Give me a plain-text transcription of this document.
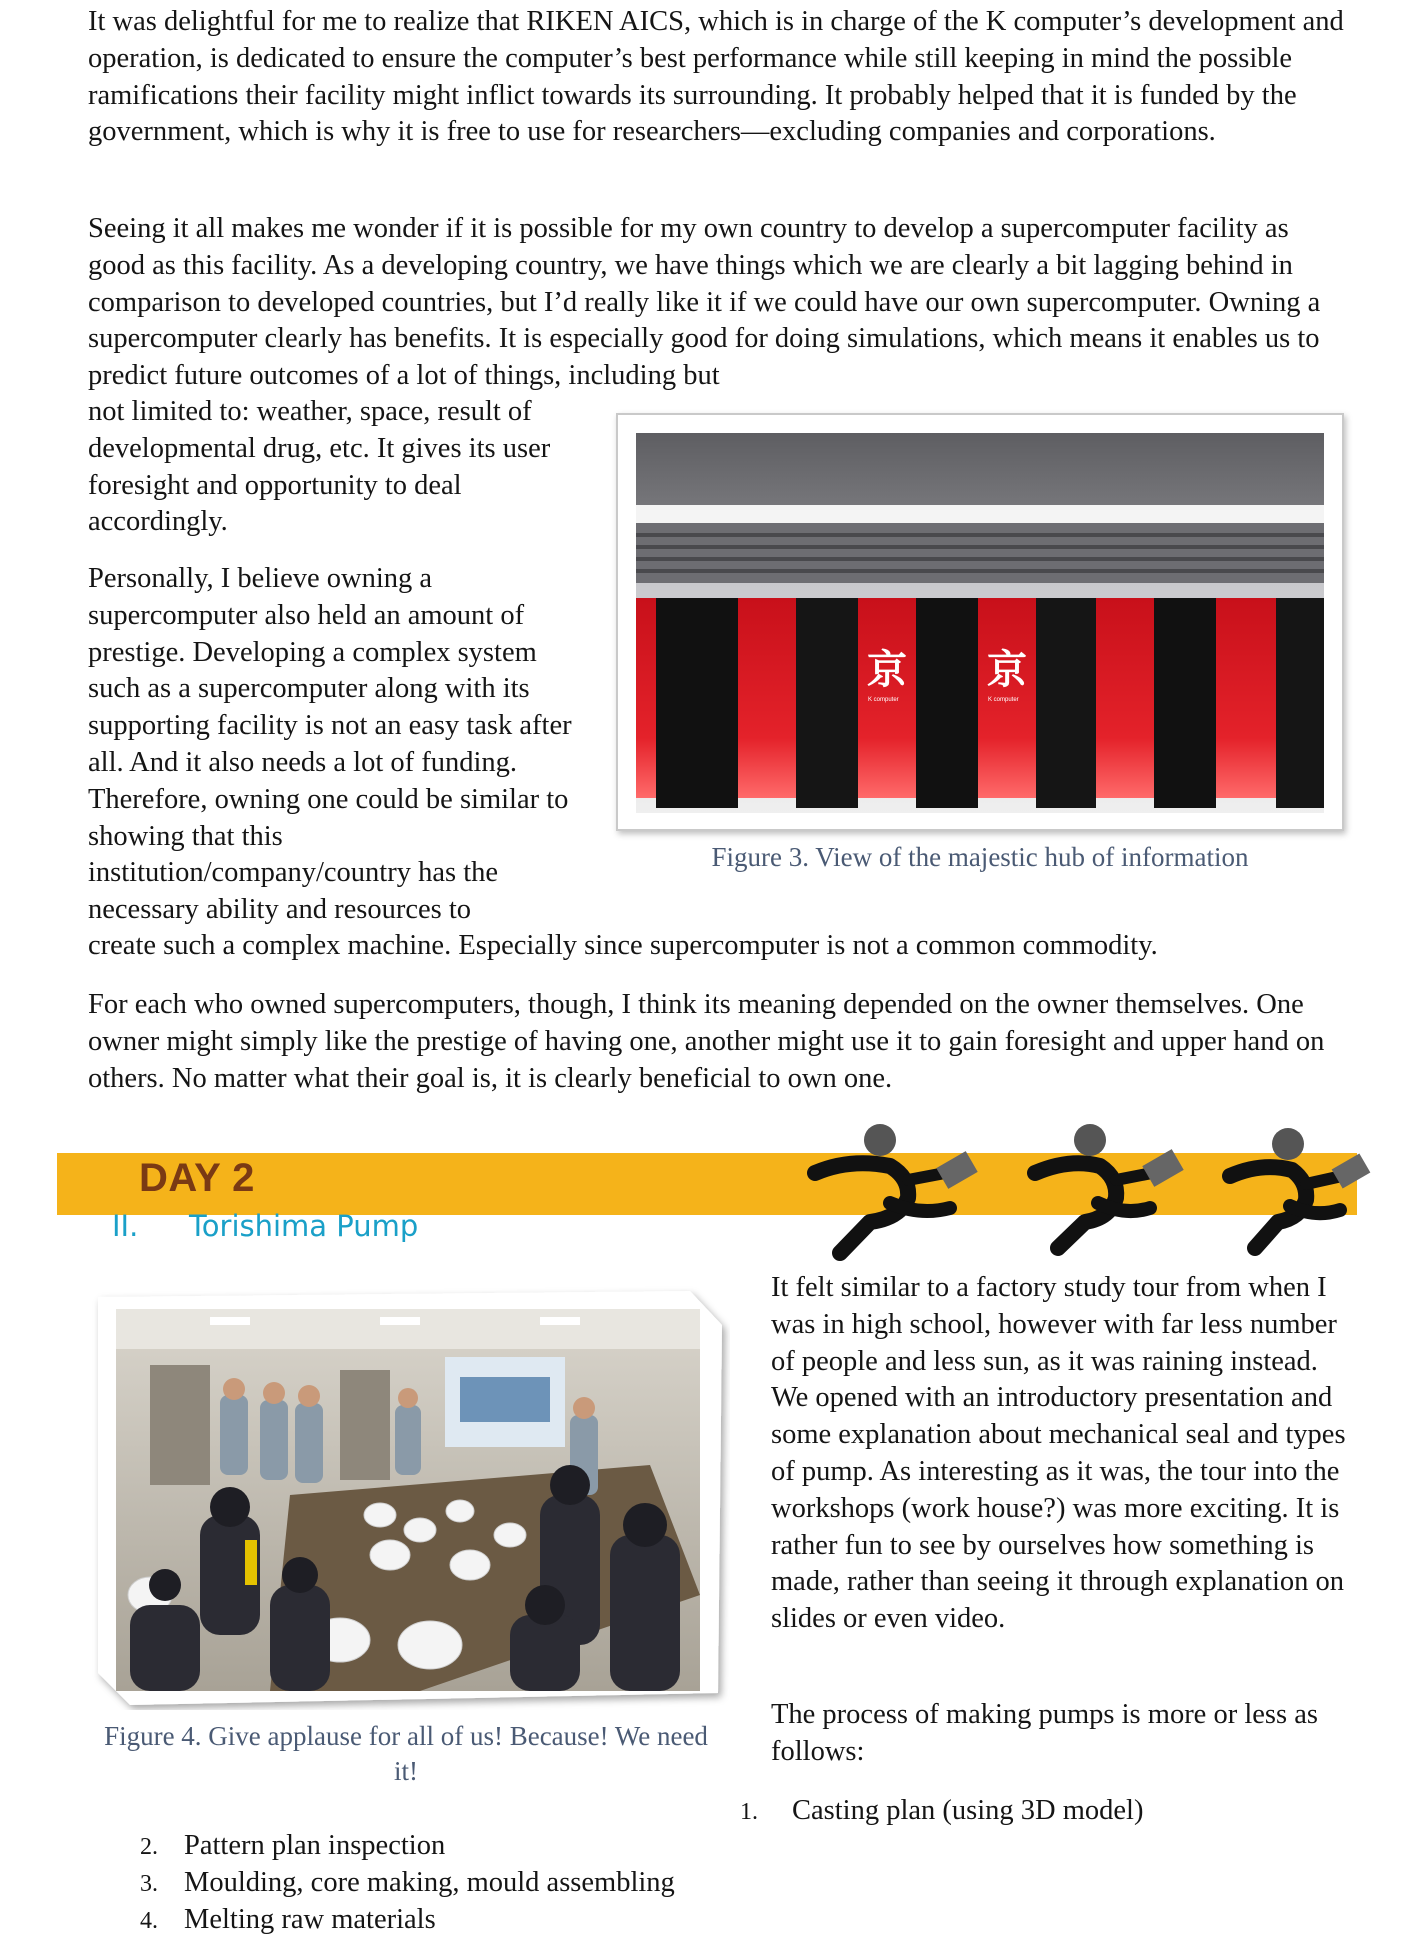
It was delightful for me to realize that RIKEN AICS, which is in charge of the K computer’s development and operation, is dedicated to ensure the computer’s best performance while still keeping in mind the possible ramifications their facility might inflict towards its surrounding. It probably helped that it is funded by the government, which is why it is free to use for researchers—excluding companies and corporations.

Seeing it all makes me wonder if it is possible for my own country to develop a supercomputer facility as good as this facility. As a developing country, we have things which we are clearly a bit lagging behind in comparison to developed countries, but I’d really like it if we could have our own supercomputer. Owning a supercomputer clearly has benefits. It is especially good for doing simulations, which means it enables us to predict future outcomes of a lot of things, including but

not limited to: weather, space, result of developmental drug, etc. It gives its user foresight and opportunity to deal accordingly.

Personally, I believe owning a supercomputer also held an amount of prestige. Developing a complex system such as a supercomputer along with its supporting facility is not an easy task after all. And it also needs a lot of funding. Therefore, owning one could be similar to showing that this institution/company/country has the necessary ability and resources to

create such a complex machine. Especially since supercomputer is not a common commodity.

For each who owned supercomputers, though, I think its meaning depended on the owner themselves. One owner might simply like the prestige of having one, another might use it to gain foresight and upper hand on others. No matter what their goal is, it is clearly beneficial to own one.

京 京
K computer	K computer
Figure 3. View of the majestic hub of information
DAY 2
II. Torishima Pump
Figure 4. Give applause for all of us! Because! We need it!

It felt similar to a factory study tour from when I was in high school, however with far less number of people and less sun, as it was raining instead. We opened with an introductory presentation and some explanation about mechanical seal and types of pump. As interesting as it was, the tour into the workshops (work house?) was more exciting. It is rather fun to see by ourselves how something is made, rather than seeing it through explanation on slides or even video.

The process of making pumps is more or less as follows:

1. Casting plan (using 3D model)
2. Pattern plan inspection
3. Moulding, core making, mould assembling
4. Melting raw materials
